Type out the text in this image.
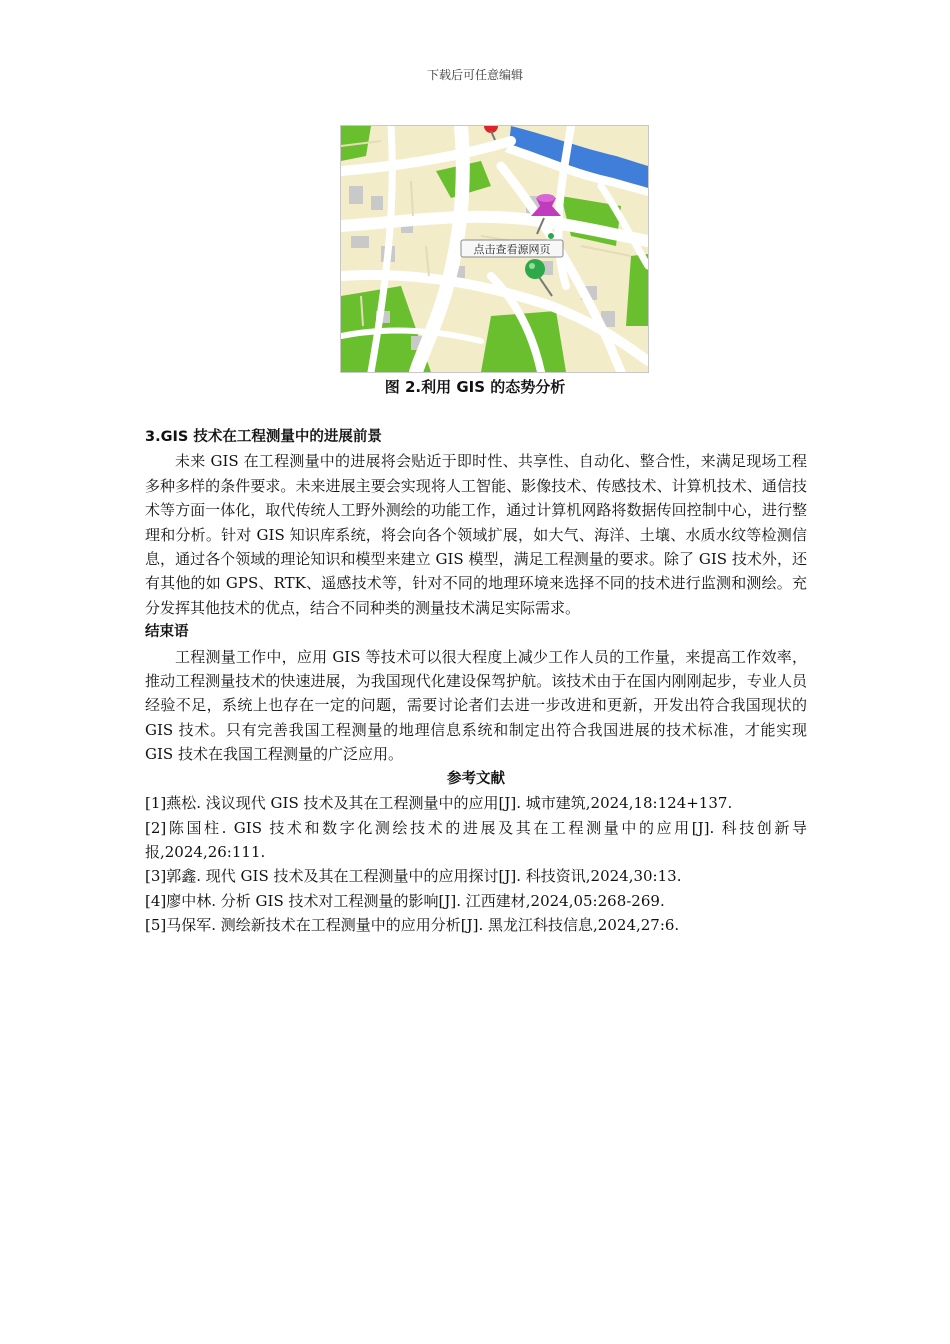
下载后可任意编辑
点击查看源网页
图 2.利用 GIS 的态势分析

3.GIS 技术在工程测量中的进展前景

未来 GIS 在工程测量中的进展将会贴近于即时性、共享性、自动化、整合性，来满足现场工程多种多样的条件要求。未来进展主要会实现将人工智能、影像技术、传感技术、计算机技术、通信技术等方面一体化，取代传统人工野外测绘的功能工作，通过计算机网路将数据传回控制中心，进行整理和分析。针对 GIS 知识库系统，将会向各个领域扩展，如大气、海洋、土壤、水质水纹等检测信息，通过各个领域的理论知识和模型来建立 GIS 模型，满足工程测量的要求。除了 GIS 技术外，还有其他的如 GPS、RTK、遥感技术等，针对不同的地理环境来选择不同的技术进行监测和测绘。充分发挥其他技术的优点，结合不同种类的测量技术满足实际需求。

结束语

工程测量工作中，应用 GIS 等技术可以很大程度上减少工作人员的工作量，来提高工作效率，推动工程测量技术的快速进展，为我国现代化建设保驾护航。该技术由于在国内刚刚起步，专业人员经验不足，系统上也存在一定的问题，需要讨论者们去进一步改进和更新，开发出符合我国现状的 GIS 技术。只有完善我国工程测量的地理信息系统和制定出符合我国进展的技术标准，才能实现 GIS 技术在我国工程测量的广泛应用。

参考文献

[1]燕松. 浅议现代 GIS 技术及其在工程测量中的应用[J]. 城市建筑,2024,18:124+137.

[2]陈国柱. GIS 技术和数字化测绘技术的进展及其在工程测量中的应用[J]. 科技创新导报,2024,26:111.

[3]郭鑫. 现代 GIS 技术及其在工程测量中的应用探讨[J]. 科技资讯,2024,30:13.

[4]廖中林. 分析 GIS 技术对工程测量的影响[J]. 江西建材,2024,05:268-269.

[5]马保军. 测绘新技术在工程测量中的应用分析[J]. 黑龙江科技信息,2024,27:6.
